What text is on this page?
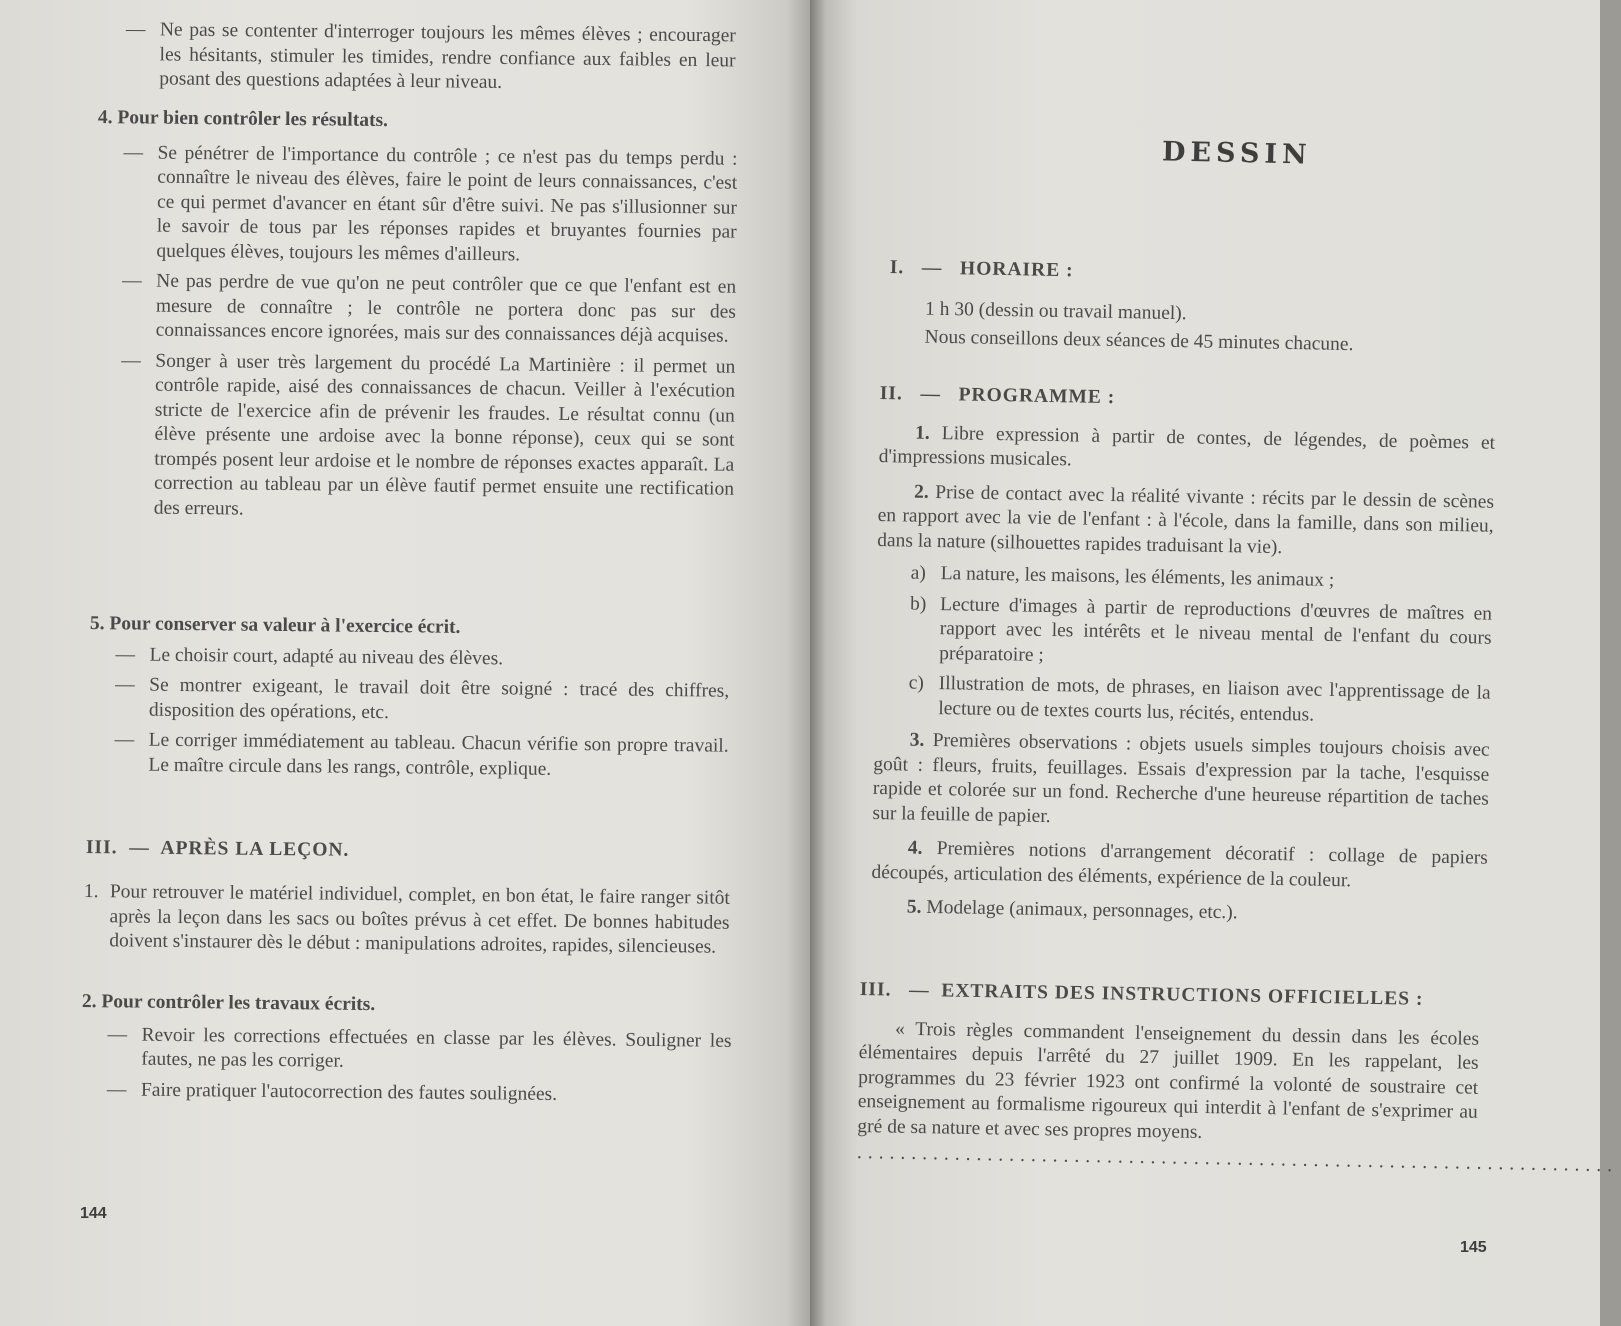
— Ne pas se contenter d'interroger toujours les mêmes élèves ; encourager les hésitants, stimuler les timides, rendre confiance aux faibles en leur posant des questions adaptées à leur niveau.

4. Pour bien contrôler les résultats.

— Se pénétrer de l'importance du contrôle ; ce n'est pas du temps perdu : connaître le niveau des élèves, faire le point de leurs connaissances, c'est ce qui permet d'avancer en étant sûr d'être suivi. Ne pas s'illusionner sur le savoir de tous par les réponses rapides et bruyantes fournies par quelques élèves, toujours les mêmes d'ailleurs.

— Ne pas perdre de vue qu'on ne peut contrôler que ce que l'enfant est en mesure de connaître ; le contrôle ne portera donc pas sur des connaissances encore ignorées, mais sur des connaissances déjà acquises.

— Songer à user très largement du procédé La Martinière : il permet un contrôle rapide, aisé des connaissances de chacun. Veiller à l'exécution stricte de l'exercice afin de prévenir les fraudes. Le résultat connu (un élève présente une ardoise avec la bonne réponse), ceux qui se sont trompés posent leur ardoise et le nombre de réponses exactes apparaît. La correction au tableau par un élève fautif permet ensuite une rectification des erreurs.

5. Pour conserver sa valeur à l'exercice écrit.

— Le choisir court, adapté au niveau des élèves.

— Se montrer exigeant, le travail doit être soigné : tracé des chiffres, disposition des opérations, etc.

— Le corriger immédiatement au tableau. Chacun vérifie son propre travail. Le maître circule dans les rangs, contrôle, explique.

III. — APRÈS LA LEÇON.

1. Pour retrouver le matériel individuel, complet, en bon état, le faire ranger sitôt après la leçon dans les sacs ou boîtes prévus à cet effet. De bonnes habitudes doivent s'instaurer dès le début : manipulations adroites, rapides, silencieuses.

2. Pour contrôler les travaux écrits.

— Revoir les corrections effectuées en classe par les élèves. Souligner les fautes, ne pas les corriger.

— Faire pratiquer l'autocorrection des fautes soulignées.

144
DESSIN

I. — HORAIRE :

1 h 30 (dessin ou travail manuel).

Nous conseillons deux séances de 45 minutes chacune.

II. — PROGRAMME :

1. Libre expression à partir de contes, de légendes, de poèmes et d'impressions musicales.

2. Prise de contact avec la réalité vivante : récits par le dessin de scènes en rapport avec la vie de l'enfant : à l'école, dans la famille, dans son milieu, dans la nature (silhouettes rapides traduisant la vie).

a) La nature, les maisons, les éléments, les animaux ;

b) Lecture d'images à partir de reproductions d'œuvres de maîtres en rapport avec les intérêts et le niveau mental de l'enfant du cours préparatoire ;

c) Illustration de mots, de phrases, en liaison avec l'apprentissage de la lecture ou de textes courts lus, récités, entendus.

3. Premières observations : objets usuels simples toujours choisis avec goût : fleurs, fruits, feuillages. Essais d'expression par la tache, l'esquisse rapide et colorée sur un fond. Recherche d'une heureuse répartition de taches sur la feuille de papier.

4. Premières notions d'arrangement décoratif : collage de papiers découpés, articulation des éléments, expérience de la couleur.

5. Modelage (animaux, personnages, etc.).

III. — EXTRAITS DES INSTRUCTIONS OFFICIELLES :

« Trois règles commandent l'enseignement du dessin dans les écoles élémentaires depuis l'arrêté du 27 juillet 1909. En les rappelant, les programmes du 23 février 1923 ont confirmé la volonté de soustraire cet enseignement au formalisme rigoureux qui interdit à l'enfant de s'exprimer au gré de sa nature et avec ses propres moyens.

......................................................................

145
